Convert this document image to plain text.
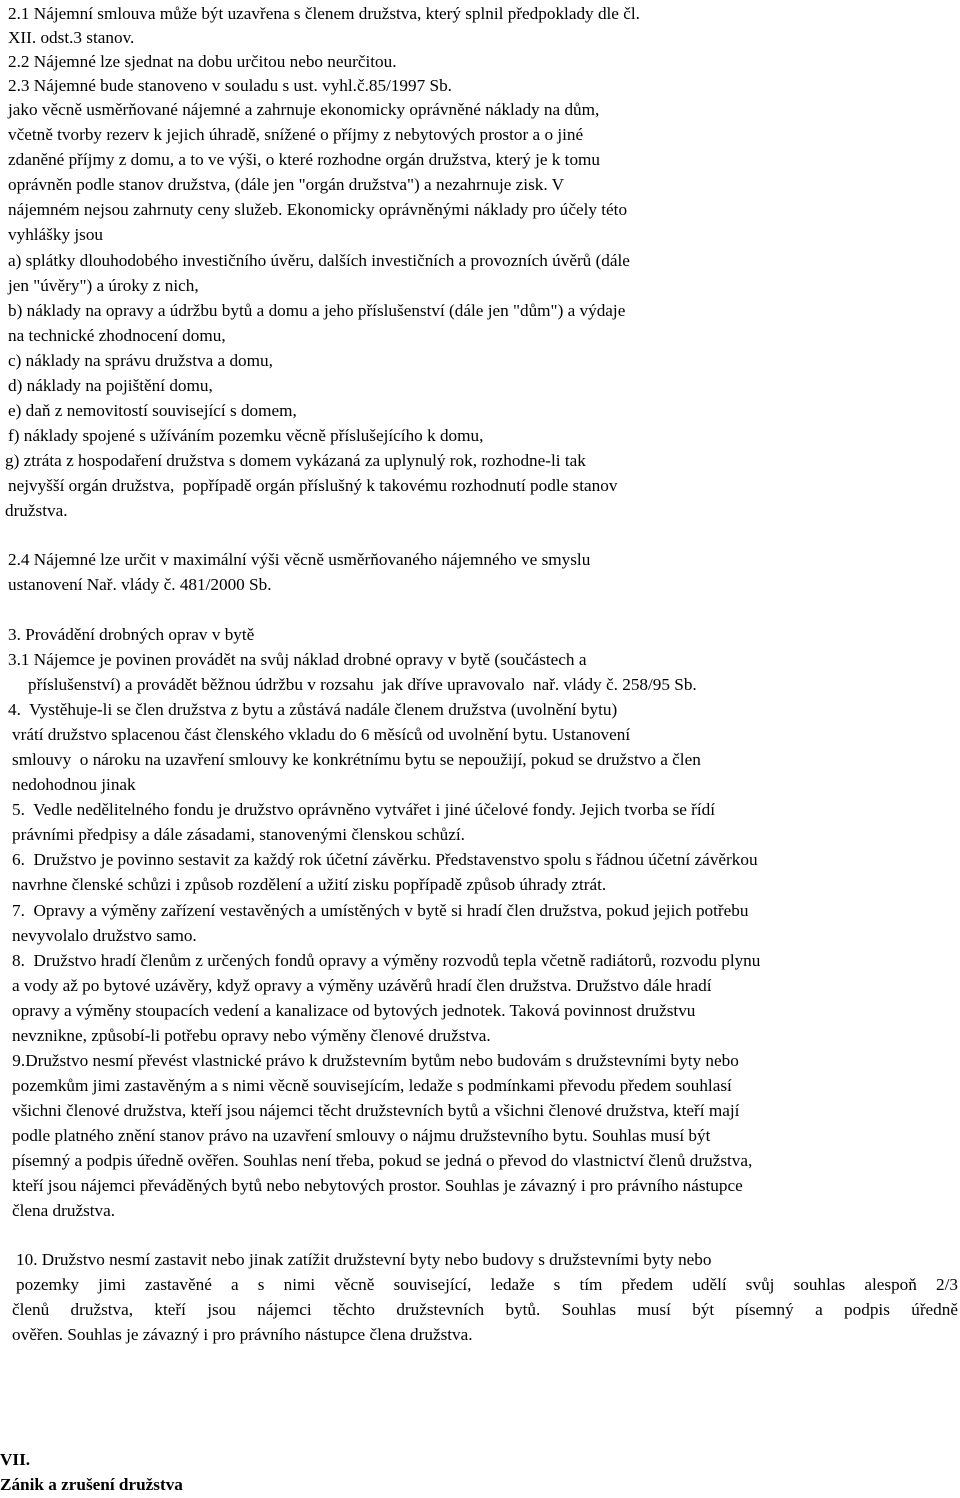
2.1 Nájemní smlouva může být uzavřena s členem družstva, který splnil předpoklady dle čl.
XII. odst.3 stanov.
2.2 Nájemné lze sjednat na dobu určitou nebo neurčitou.
2.3 Nájemné bude stanoveno v souladu s ust. vyhl.č.85/1997 Sb.
jako věcně usměrňované nájemné a zahrnuje ekonomicky oprávněné náklady na dům,
včetně tvorby rezerv k jejich úhradě, snížené o příjmy z nebytových prostor a o jiné
zdaněné příjmy z domu, a to ve výši, o které rozhodne orgán družstva, který je k tomu
oprávněn podle stanov družstva, (dále jen "orgán družstva") a nezahrnuje zisk. V
nájemném nejsou zahrnuty ceny služeb. Ekonomicky oprávněnými náklady pro účely této
vyhlášky jsou
a) splátky dlouhodobého investičního úvěru, dalších investičních a provozních úvěrů (dále
jen "úvěry") a úroky z nich,
b) náklady na opravy a údržbu bytů a domu a jeho příslušenství (dále jen "dům") a výdaje
na technické zhodnocení domu,
c) náklady na správu družstva a domu,
d) náklady na pojištění domu,
e) daň z nemovitostí související s domem,
f) náklady spojené s užíváním pozemku věcně příslušejícího k domu,
g) ztráta z hospodaření družstva s domem vykázaná za uplynulý rok, rozhodne-li tak
nejvyšší orgán družstva,  popřípadě orgán příslušný k takovému rozhodnutí podle stanov
družstva.
2.4 Nájemné lze určit v maximální výši věcně usměrňovaného nájemného ve smyslu
ustanovení Nař. vlády č. 481/2000 Sb.
3. Provádění drobných oprav v bytě
3.1 Nájemce je povinen provádět na svůj náklad drobné opravy v bytě (součástech a
příslušenství) a provádět běžnou údržbu v rozsahu  jak dříve upravovalo  nař. vlády č. 258/95 Sb.
4.  Vystěhuje-li se člen družstva z bytu a zůstává nadále členem družstva (uvolnění bytu)
vrátí družstvo splacenou část členského vkladu do 6 měsíců od uvolnění bytu. Ustanovení
smlouvy  o nároku na uzavření smlouvy ke konkrétnímu bytu se nepoužijí, pokud se družstvo a člen
nedohodnou jinak
5.  Vedle nedělitelného fondu je družstvo oprávněno vytvářet i jiné účelové fondy. Jejich tvorba se řídí
právními předpisy a dále zásadami, stanovenými členskou schůzí.
6.  Družstvo je povinno sestavit za každý rok účetní závěrku. Představenstvo spolu s řádnou účetní závěrkou
navrhne členské schůzi i způsob rozdělení a užití zisku popřípadě způsob úhrady ztrát.
7.  Opravy a výměny zařízení vestavěných a umístěných v bytě si hradí člen družstva, pokud jejich potřebu
nevyvolalo družstvo samo.
8.  Družstvo hradí členům z určených fondů opravy a výměny rozvodů tepla včetně radiátorů, rozvodu plynu
a vody až po bytové uzávěry, když opravy a výměny uzávěrů hradí člen družstva. Družstvo dále hradí
opravy a výměny stoupacích vedení a kanalizace od bytových jednotek. Taková povinnost družstvu
nevznikne, způsobí-li potřebu opravy nebo výměny členové družstva.
9.Družstvo nesmí převést vlastnické právo k družstevním bytům nebo budovám s družstevními byty nebo
pozemkům jimi zastavěným a s nimi věcně souvisejícím, ledaže s podmínkami převodu předem souhlasí
všichni členové družstva, kteří jsou nájemci těcht družstevních bytů a všichni členové družstva, kteří mají
podle platného znění stanov právo na uzavření smlouvy o nájmu družstevního bytu. Souhlas musí být
písemný a podpis úředně ověřen. Souhlas není třeba, pokud se jedná o převod do vlastnictví členů družstva,
kteří jsou nájemci převáděných bytů nebo nebytových prostor. Souhlas je závazný i pro právního nástupce
člena družstva.
10. Družstvo nesmí zastavit nebo jinak zatížit družstevní byty nebo budovy s družstevními byty nebo
pozemky jimi zastavěné a s nimi věcně související, ledaže s tím předem udělí svůj souhlas alespoň 2/3
členů družstva, kteří jsou nájemci těchto družstevních bytů. Souhlas musí být písemný a podpis úředně
ověřen. Souhlas je závazný i pro právního nástupce člena družstva.
VII.
Zánik a zrušení družstva
